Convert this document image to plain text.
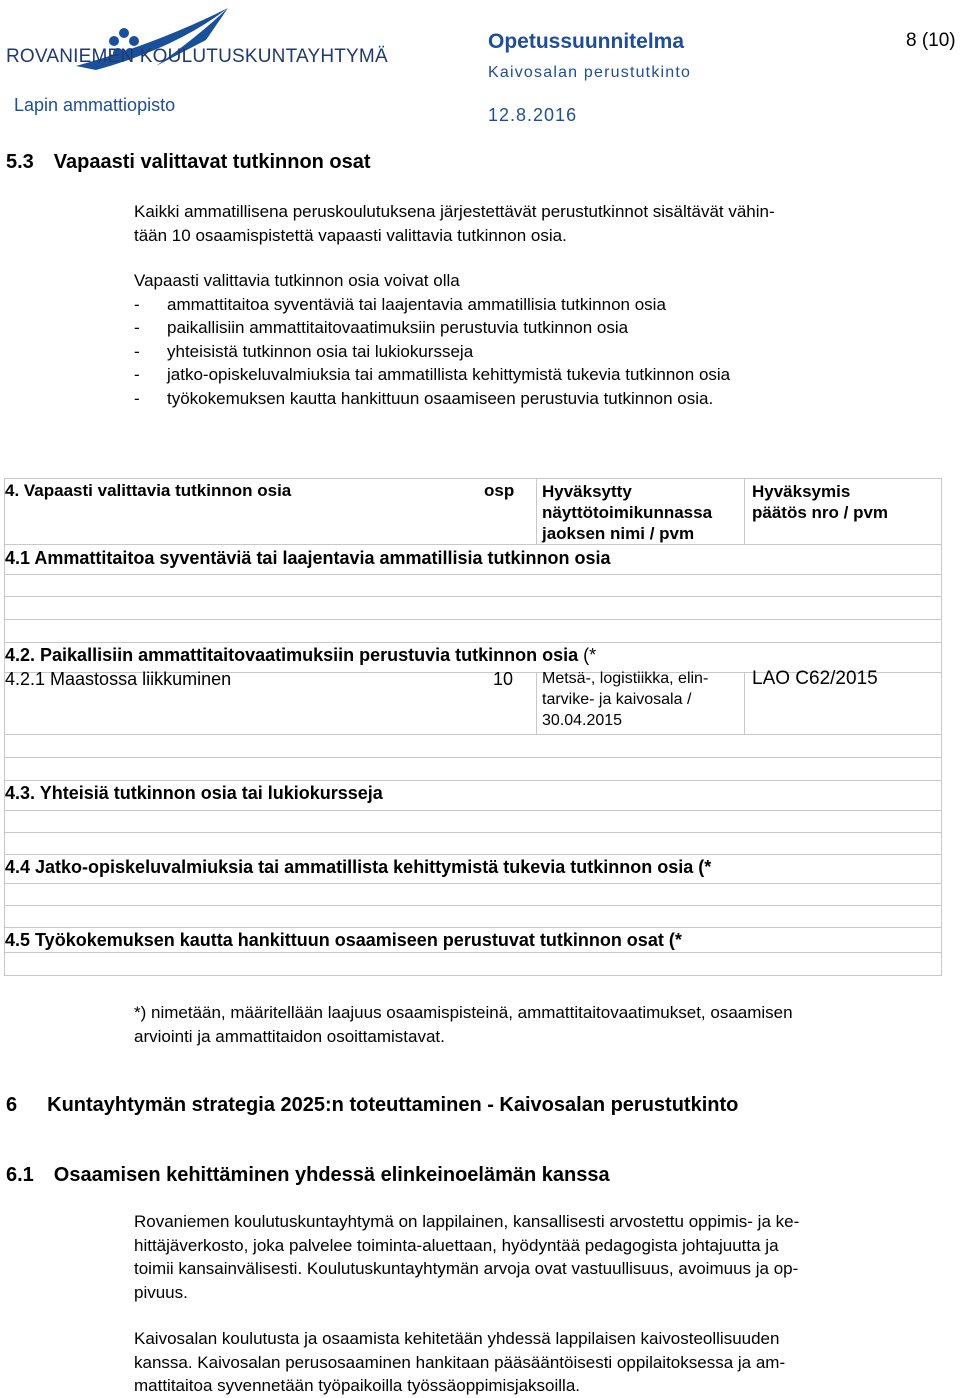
ROVANIEMEN KOULUTUSKUNTAYHTYMÄ
Opetussuunnitelma
Kaivosalan perustutkinto
Lapin ammattiopisto	12.8.2016
8 (10)
5.3 Vapaasti valittavat tutkinnon osat
Kaikki ammatillisena peruskoulutuksena järjestettävät perustutkinnot sisältävät vähin-
tään 10 osaamispistettä vapaasti valittavia tutkinnon osia.
Vapaasti valittavia tutkinnon osia voivat olla
-	ammattitaitoa syventäviä tai laajentavia ammatillisia tutkinnon osia
-	paikallisiin ammattitaitovaatimuksiin perustuvia tutkinnon osia
-	yhteisistä tutkinnon osia tai lukiokursseja
-	jatko-opiskeluvalmiuksia tai ammatillista kehittymistä tukevia tutkinnon osia
-	työkokemuksen kautta hankittuun osaamiseen perustuvia tutkinnon osia.
4. Vapaasti valittavia tutkinnon osia	osp Hyväksytty
näyttötoimikunnassa
jaoksen nimi / pvm
Hyväksymis
päätös nro / pvm
4.1 Ammattitaitoa syventäviä tai laajentavia ammatillisia tutkinnon osia
4.2. Paikallisiin ammattitaitovaatimuksiin perustuvia tutkinnon osia (*
4.2.1 Maastossa liikkuminen	10 Metsä-, logistiikka, elin-
tarvike- ja kaivosala /
30.04.2015
LAO C62/2015
4.3. Yhteisiä tutkinnon osia tai lukiokursseja
4.4 Jatko-opiskeluvalmiuksia tai ammatillista kehittymistä tukevia tutkinnon osia (*
4.5 Työkokemuksen kautta hankittuun osaamiseen perustuvat tutkinnon osat (*
*) nimetään, määritellään laajuus osaamispisteinä, ammattitaitovaatimukset, osaamisen
arviointi ja ammattitaidon osoittamistavat.
6  Kuntayhtymän strategia 2025:n toteuttaminen - Kaivosalan perustutkinto
6.1 Osaamisen kehittäminen yhdessä elinkeinoelämän kanssa
Rovaniemen koulutuskuntayhtymä on lappilainen, kansallisesti arvostettu oppimis- ja ke-
hittäjäverkosto, joka palvelee toiminta-aluettaan, hyödyntää pedagogista johtajuutta ja
toimii kansainvälisesti. Koulutuskuntayhtymän arvoja ovat vastuullisuus, avoimuus ja op-
pivuus.
Kaivosalan koulutusta ja osaamista kehitetään yhdessä lappilaisen kaivosteollisuuden
kanssa. Kaivosalan perusosaaminen hankitaan pääsääntöisesti oppilaitoksessa ja am-
mattitaitoa syvennetään työpaikoilla työssäoppimisjaksoilla.
